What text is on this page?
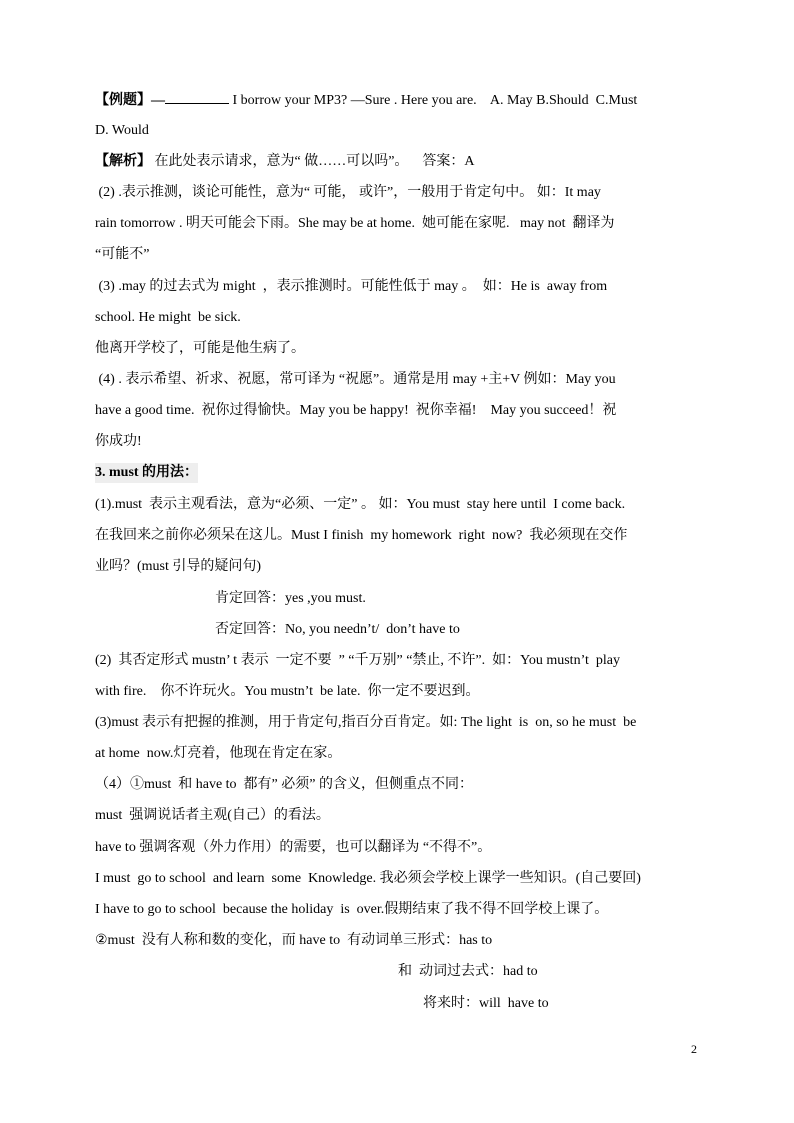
【例题】—	I borrow your MP3? —Sure . Here you are.    A. May B.Should  C.Must
D. Would
【解析】 在此处表示请求，意为“ 做……可以吗”。    答案：A
(2) .表示推测，谈论可能性，意为“ 可能， 或许”，一般用于肯定句中。 如：It may
rain tomorrow . 明天可能会下雨。She may be at home.  她可能在家呢.   may not  翻译为
“可能不”
(3) .may 的过去式为 might  ，表示推测时。可能性低于 may 。  如：He is  away from
school. He might  be sick.
他离开学校了，可能是他生病了。
(4) . 表示希望、祈求、祝愿，常可译为 “祝愿”。通常是用 may +主+V 例如：May you
have a good time.  祝你过得愉快。May you be happy!  祝你幸福!    May you succeed！祝
你成功!
3. must 的用法：
(1).must  表示主观看法，意为“必须、一定” 。 如：You must  stay here until  I come back.
在我回来之前你必须呆在这儿。Must I finish  my homework  right  now?  我必须现在交作
业吗？(must 引导的疑问句)
肯定回答：yes ,you must.
否定回答：No, you needn’t/  don’t have to
(2)  其否定形式 mustn’ t 表示  一定不要  ” “千万别” “禁止, 不许”.  如：You mustn’t  play
with fire.    你不许玩火。You mustn’t  be late.  你一定不要迟到。
(3)must 表示有把握的推测，用于肯定句,指百分百肯定。如: The light  is  on, so he must  be
at home  now.灯亮着，他现在肯定在家。
（4）①must  和 have to  都有” 必须” 的含义，但侧重点不同：
must  强调说话者主观(自己）的看法。
have to 强调客观（外力作用）的需要，也可以翻译为 “不得不”。
I must  go to school  and learn  some  Knowledge. 我必须会学校上课学一些知识。(自己要回)
I have to go to school  because the holiday  is  over.假期结束了我不得不回学校上课了。
②must  没有人称和数的变化，而 have to  有动词单三形式：has to
和  动词过去式：had to
将来时：will  have to
2
